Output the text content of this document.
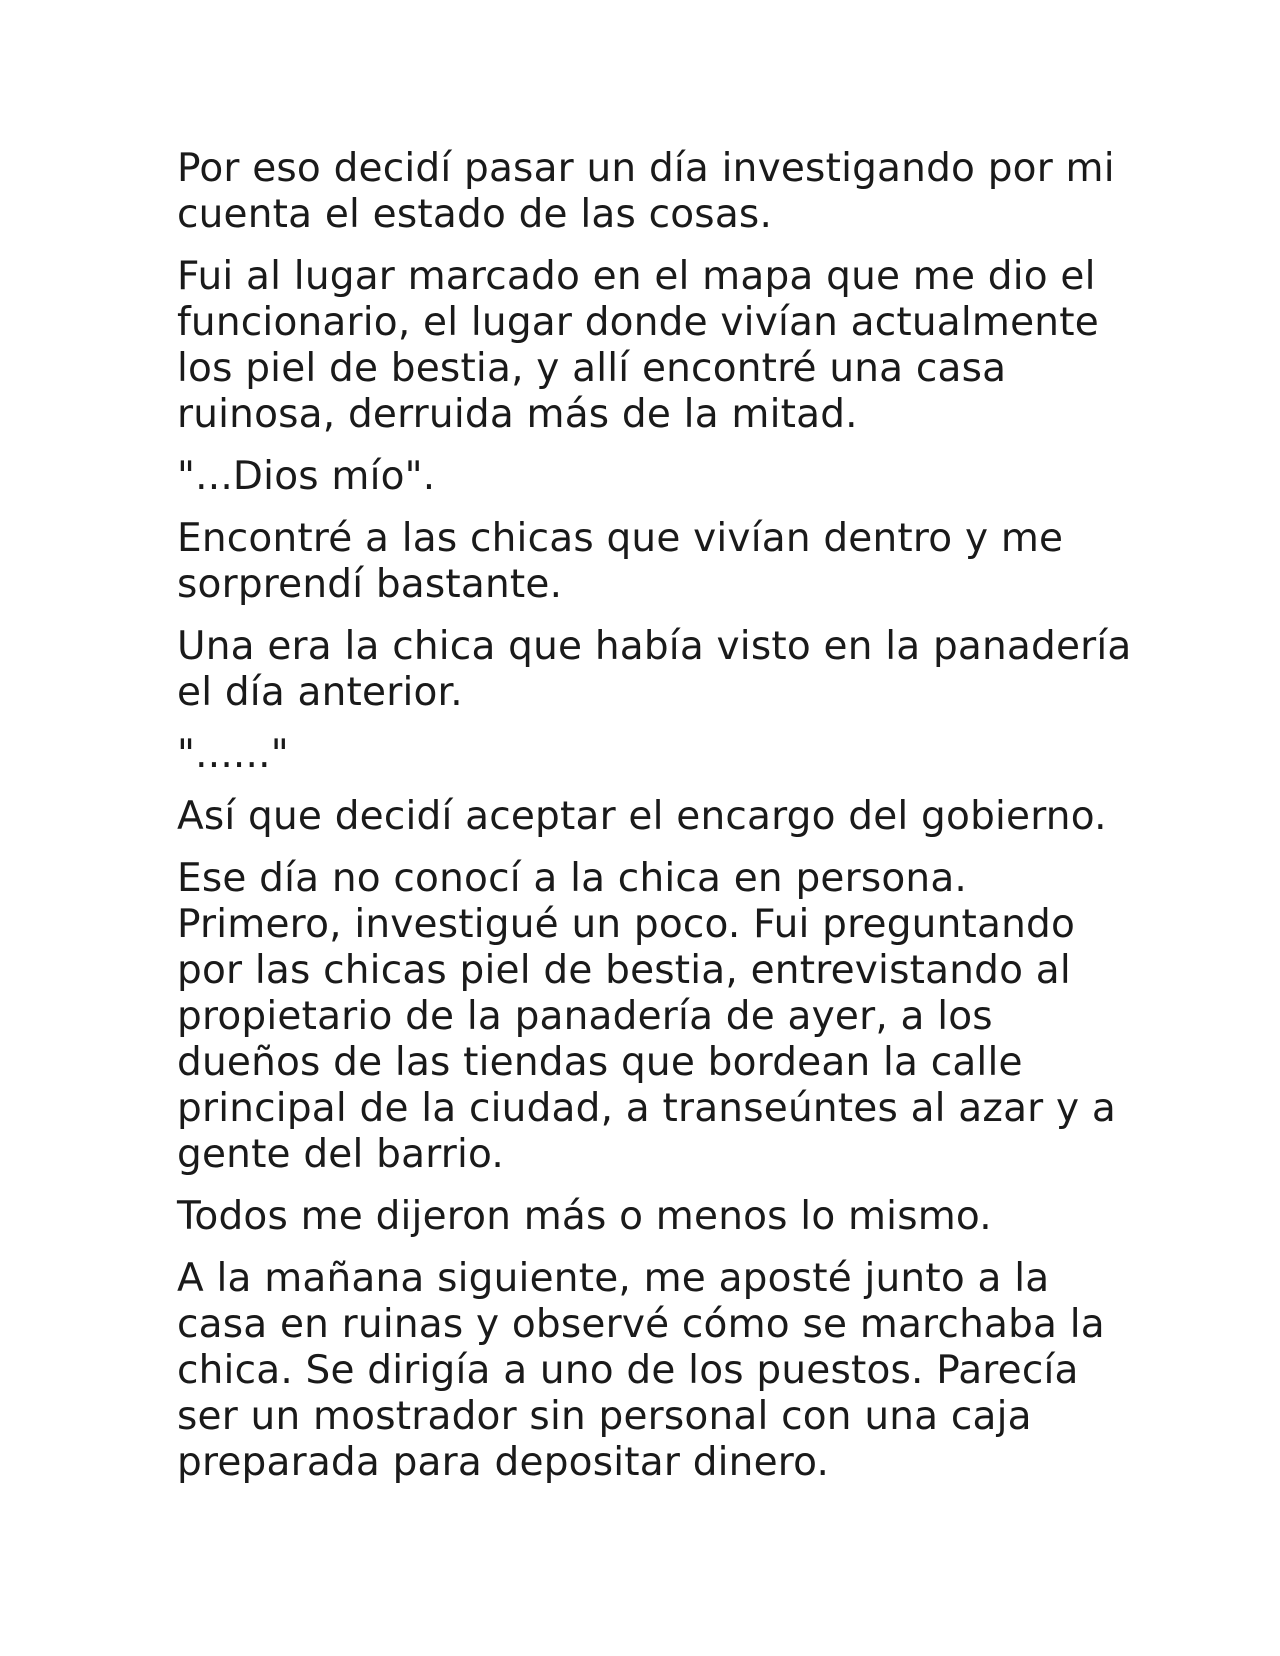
Por eso decidí pasar un día investigando por mi
cuenta el estado de las cosas.

Fui al lugar marcado en el mapa que me dio el
funcionario, el lugar donde vivían actualmente
los piel de bestia, y allí encontré una casa
ruinosa, derruida más de la mitad.

"...Dios mío".

Encontré a las chicas que vivían dentro y me
sorprendí bastante.

Una era la chica que había visto en la panadería
el día anterior.

"......"

Así que decidí aceptar el encargo del gobierno.

Ese día no conocí a la chica en persona.
Primero, investigué un poco. Fui preguntando
por las chicas piel de bestia, entrevistando al
propietario de la panadería de ayer, a los
dueños de las tiendas que bordean la calle
principal de la ciudad, a transeúntes al azar y a
gente del barrio.

Todos me dijeron más o menos lo mismo.

A la mañana siguiente, me aposté junto a la
casa en ruinas y observé cómo se marchaba la
chica. Se dirigía a uno de los puestos. Parecía
ser un mostrador sin personal con una caja
preparada para depositar dinero.
